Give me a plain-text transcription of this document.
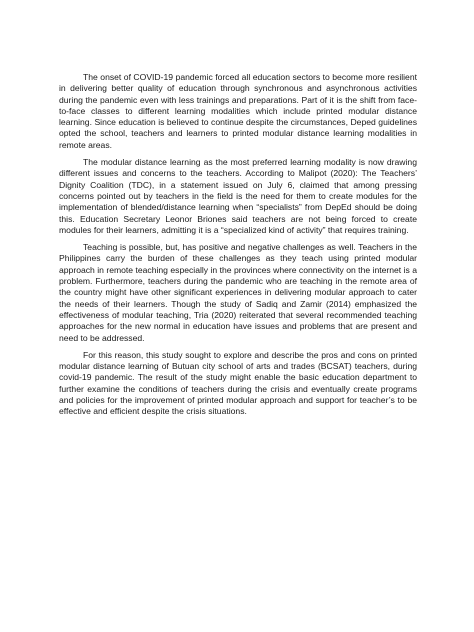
The onset of COVID-19 pandemic forced all education sectors to become more resilient in delivering better quality of education through synchronous and asynchronous activities during the pandemic even with less trainings and preparations. Part of it is the shift from face-to-face classes to different learning modalities which include printed modular distance learning. Since education is believed to continue despite the circumstances, Deped guidelines opted the school, teachers and learners to printed modular distance learning modalities in remote areas.

The modular distance learning as the most preferred learning modality is now drawing different issues and concerns to the teachers. According to Malipot (2020): The Teachers’ Dignity Coalition (TDC), in a statement issued on July 6, claimed that among pressing concerns pointed out by teachers in the field is the need for them to create modules for the implementation of blended/distance learning when “specialists” from DepEd should be doing this. Education Secretary Leonor Briones said teachers are not being forced to create modules for their learners, admitting it is a “specialized kind of activity” that requires training.

Teaching is possible, but, has positive and negative challenges as well. Teachers in the Philippines carry the burden of these challenges as they teach using printed modular approach in remote teaching especially in the provinces where connectivity on the internet is a problem. Furthermore, teachers during the pandemic who are teaching in the remote area of the country might have other significant experiences in delivering modular approach to cater the needs of their learners. Though the study of Sadiq and Zamir (2014) emphasized the effectiveness of modular teaching, Tria (2020) reiterated that several recommended teaching approaches for the new normal in education have issues and problems that are present and need to be addressed.

For this reason, this study sought to explore and describe the pros and cons on printed modular distance learning of Butuan city school of arts and trades (BCSAT) teachers, during covid-19 pandemic. The result of the study might enable the basic education department to further examine the conditions of teachers during the crisis and eventually create programs and policies for the improvement of printed modular approach and support for teacher’s to be effective and efficient despite the crisis situations.
